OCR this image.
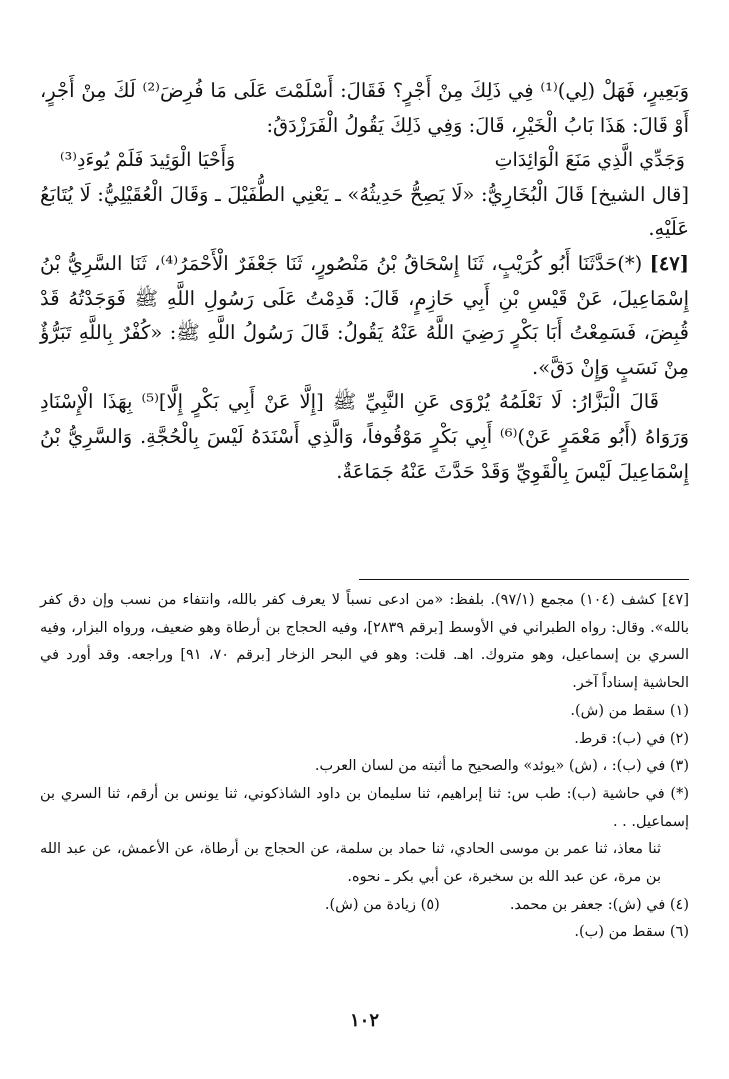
وَبَعِيرٍ، فَهَلْ (لِي)⁽¹⁾ فِي ذَلِكَ مِنْ أَجْرٍ؟ فَقَالَ: أَسْلَمْتَ عَلَى مَا فُرِضَ⁽²⁾ لَكَ مِنْ أَجْرٍ، أَوْ قَالَ: هَذَا بَابُ الْخَيْرِ، قَالَ: وَفِي ذَلِكَ يَقُولُ الْفَرَزْدَقُ:

وَجَدِّي الَّذِي مَنَعَ الْوَائِدَاتِ
وَأَحْيَا الْوَئِيدَ فَلَمْ يُوءَدِ⁽³⁾

[قال الشيخ] قَالَ الْبُخَارِيُّ: «لَا يَصِحُّ حَدِيثُهُ» ـ يَعْنِي الطُّفَيْلَ ـ وَقَالَ الْعُقَيْلِيُّ: لَا يُتَابَعُ عَلَيْهِ.

[٤٧] (*)حَدَّثَنَا أَبُو كُرَيْبٍ، ثَنَا إِسْحَاقُ بْنُ مَنْصُورٍ، ثَنَا جَعْفَرٌ الْأَحْمَرُ⁽⁴⁾، ثَنَا السَّرِيُّ بْنُ إِسْمَاعِيلَ، عَنْ قَيْسِ بْنِ أَبِي حَازِمٍ، قَالَ: قَدِمْتُ عَلَى رَسُولِ اللَّهِ ﷺ فَوَجَدْتُهُ قَدْ قُبِضَ، فَسَمِعْتُ أَبَا بَكْرٍ رَضِيَ اللَّهُ عَنْهُ يَقُولُ: قَالَ رَسُولُ اللَّهِ ﷺ: «كُفْرٌ بِاللَّهِ تَبَرُّؤٌ مِنْ نَسَبٍ وَإِنْ دَقَّ».

قَالَ الْبَزَّارُ: لَا نَعْلَمُهُ يُرْوَى عَنِ النَّبِيِّ ﷺ [إِلَّا عَنْ أَبِي بَكْرٍ إِلَّا]⁽⁵⁾ بِهَذَا الْإِسْنَادِ وَرَوَاهُ (أَبُو مَعْمَرٍ عَنْ)⁽⁶⁾ أَبِي بَكْرٍ مَوْقُوفاً، وَالَّذِي أَسْنَدَهُ لَيْسَ بِالْحُجَّةِ. وَالسَّرِيُّ بْنُ إِسْمَاعِيلَ لَيْسَ بِالْقَوِيِّ وَقَدْ حَدَّثَ عَنْهُ جَمَاعَةٌ.

[٤٧] كشف (١٠٤) مجمع (٩٧/١). بلفظ: «من ادعى نسباً لا يعرف كفر بالله، وانتفاء من نسب وإن دق كفر بالله». وقال: رواه الطبراني في الأوسط [برقم ٢٨٣٩]، وفيه الحجاج بن أرطاة وهو ضعيف، ورواه البزار، وفيه السري بن إسماعيل، وهو متروك. اهـ. قلت: وهو في البحر الزخار [برقم ٧٠، ٩١] وراجعه. وقد أورد في الحاشية إسناداً آخر.

(١) سقط من (ش).
(٢) في (ب): قرط.
(٣) في (ب): ، (ش) «يوئد» والصحيح ما أثبته من لسان العرب.
(*) في حاشية (ب): طب س: ثنا إبراهيم، ثنا سليمان بن داود الشاذكوني، ثنا يونس بن أرقم، ثنا السري بن إسماعيل. . .
ثنا معاذ، ثنا عمر بن موسى الحادي، ثنا حماد بن سلمة، عن الحجاج بن أرطاة، عن الأعمش، عن عبد الله بن مرة، عن عبد الله بن سخبرة، عن أبي بكر ـ نحوه.
(٤) في (ش): جعفر بن محمد.
(٥) زيادة من (ش).
(٦) سقط من (ب).
١٠٢
